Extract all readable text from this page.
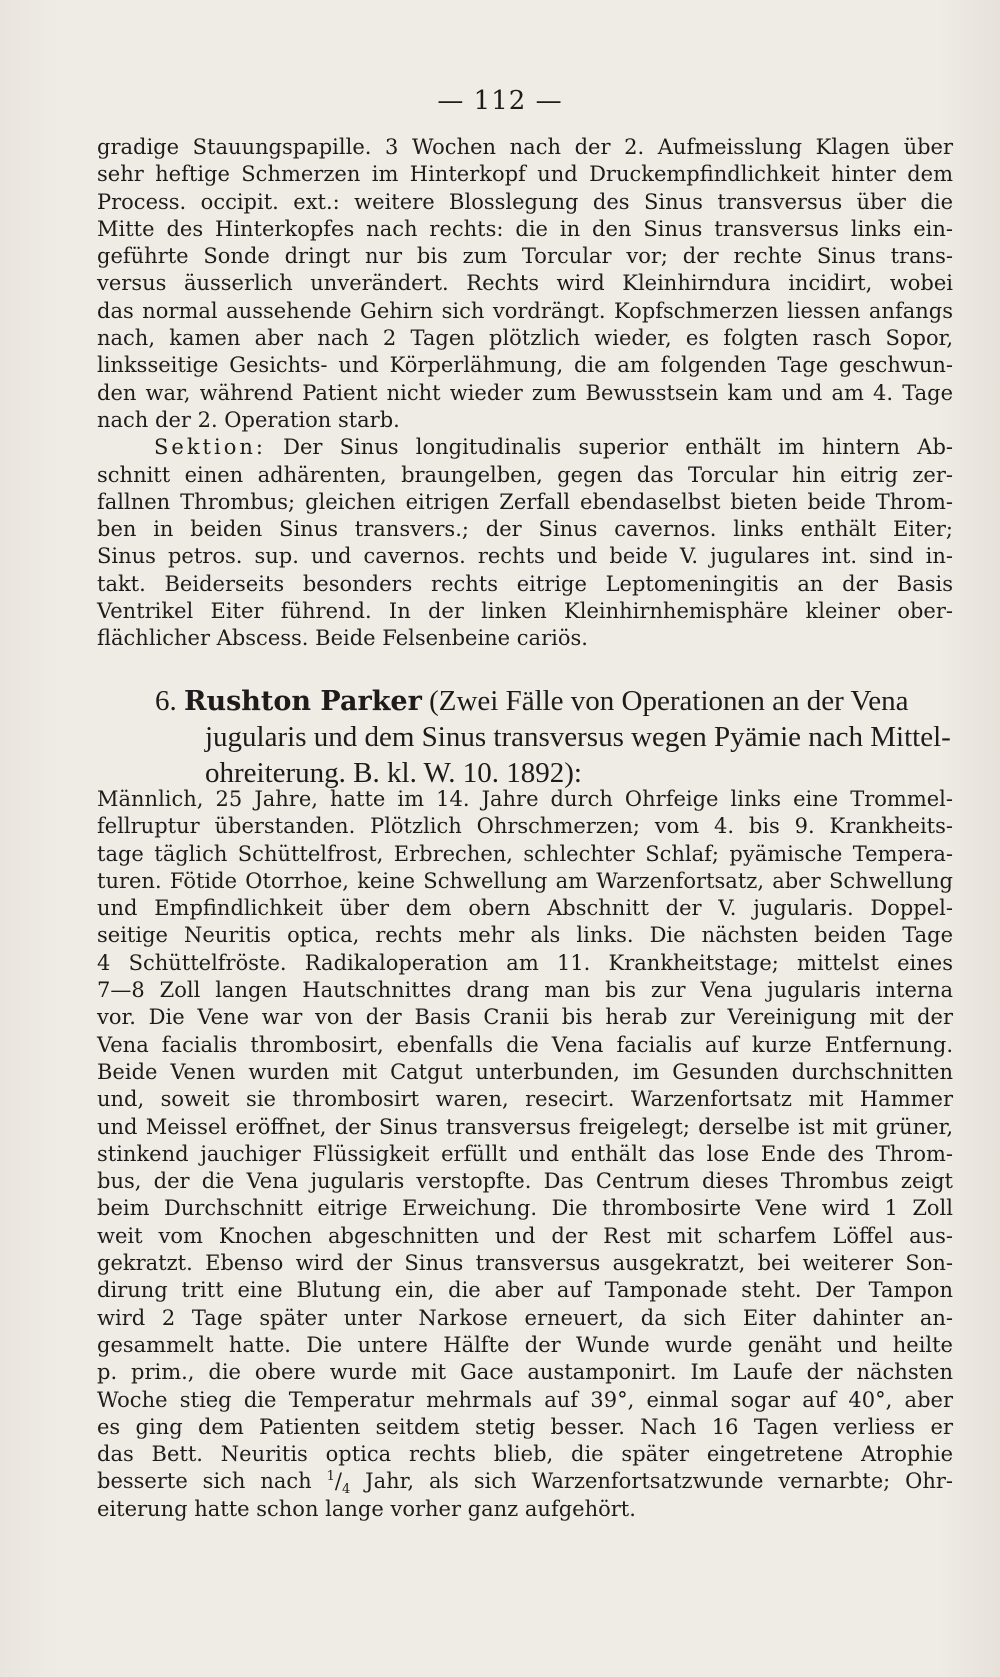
— 112 —
gradige Stauungspapille. 3 Wochen nach der 2. Aufmeisslung Klagen über
sehr heftige Schmerzen im Hinterkopf und Druckempfindlichkeit hinter dem
Process. occipit. ext.: weitere Blosslegung des Sinus transversus über die
Mitte des Hinterkopfes nach rechts: die in den Sinus transversus links ein-
geführte Sonde dringt nur bis zum Torcular vor; der rechte Sinus trans-
versus äusserlich unverändert. Rechts wird Kleinhirndura incidirt, wobei
das normal aussehende Gehirn sich vordrängt. Kopfschmerzen liessen anfangs
nach, kamen aber nach 2 Tagen plötzlich wieder, es folgten rasch Sopor,
linksseitige Gesichts- und Körperlähmung, die am folgenden Tage geschwun-
den war, während Patient nicht wieder zum Bewusstsein kam und am 4. Tage
nach der 2. Operation starb.
Sektion: Der Sinus longitudinalis superior enthält im hintern Ab-
schnitt einen adhärenten, braungelben, gegen das Torcular hin eitrig zer-
fallnen Thrombus; gleichen eitrigen Zerfall ebendaselbst bieten beide Throm-
ben in beiden Sinus transvers.; der Sinus cavernos. links enthält Eiter;
Sinus petros. sup. und cavernos. rechts und beide V. jugulares int. sind in-
takt. Beiderseits besonders rechts eitrige Leptomeningitis an der Basis
Ventrikel Eiter führend. In der linken Kleinhirnhemisphäre kleiner ober-
flächlicher Abscess. Beide Felsenbeine cariös.
6. Rushton Parker (Zwei Fälle von Operationen an der Vena
jugularis und dem Sinus transversus wegen Pyämie nach Mittel-
ohreiterung. B. kl. W. 10. 1892):
Männlich, 25 Jahre, hatte im 14. Jahre durch Ohrfeige links eine Trommel-
fellruptur überstanden. Plötzlich Ohrschmerzen; vom 4. bis 9. Krankheits-
tage täglich Schüttelfrost, Erbrechen, schlechter Schlaf; pyämische Tempera-
turen. Fötide Otorrhoe, keine Schwellung am Warzenfortsatz, aber Schwellung
und Empfindlichkeit über dem obern Abschnitt der V. jugularis. Doppel-
seitige Neuritis optica, rechts mehr als links. Die nächsten beiden Tage
4 Schüttelfröste. Radikaloperation am 11. Krankheitstage; mittelst eines
7—8 Zoll langen Hautschnittes drang man bis zur Vena jugularis interna
vor. Die Vene war von der Basis Cranii bis herab zur Vereinigung mit der
Vena facialis thrombosirt, ebenfalls die Vena facialis auf kurze Entfernung.
Beide Venen wurden mit Catgut unterbunden, im Gesunden durchschnitten
und, soweit sie thrombosirt waren, resecirt. Warzenfortsatz mit Hammer
und Meissel eröffnet, der Sinus transversus freigelegt; derselbe ist mit grüner,
stinkend jauchiger Flüssigkeit erfüllt und enthält das lose Ende des Throm-
bus, der die Vena jugularis verstopfte. Das Centrum dieses Thrombus zeigt
beim Durchschnitt eitrige Erweichung. Die thrombosirte Vene wird 1 Zoll
weit vom Knochen abgeschnitten und der Rest mit scharfem Löffel aus-
gekratzt. Ebenso wird der Sinus transversus ausgekratzt, bei weiterer Son-
dirung tritt eine Blutung ein, die aber auf Tamponade steht. Der Tampon
wird 2 Tage später unter Narkose erneuert, da sich Eiter dahinter an-
gesammelt hatte. Die untere Hälfte der Wunde wurde genäht und heilte
p. prim., die obere wurde mit Gace austamponirt. Im Laufe der nächsten
Woche stieg die Temperatur mehrmals auf 39°, einmal sogar auf 40°, aber
es ging dem Patienten seitdem stetig besser. Nach 16 Tagen verliess er
das Bett. Neuritis optica rechts blieb, die später eingetretene Atrophie
besserte sich nach $^1/_4$ Jahr, als sich Warzenfortsatzwunde vernarbte; Ohr-
eiterung hatte schon lange vorher ganz aufgehört.
